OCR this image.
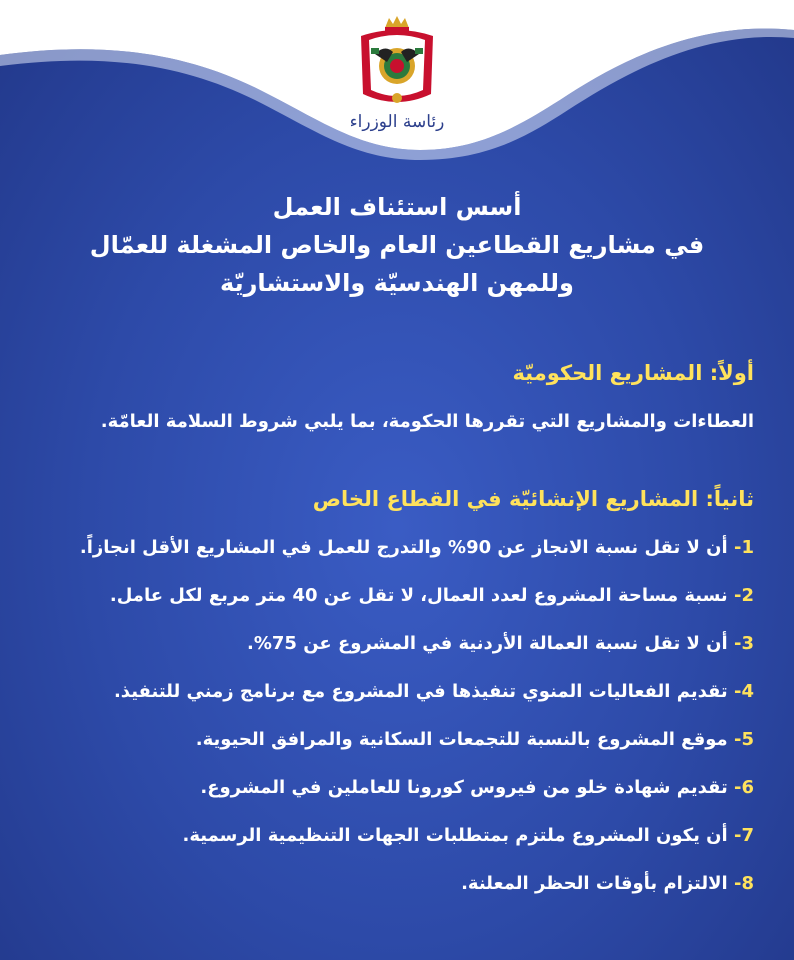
رئاسة الوزراء
أسس استئناف العمل
في مشاريع القطاعين العام والخاص المشغلة للعمّال
وللمهن الهندسيّة والاستشاريّة
أولاً: المشاريع الحكوميّة
العطاءات والمشاريع التي تقررها الحكومة، بما يلبي شروط السلامة العامّة.
ثانياً: المشاريع الإنشائيّة في القطاع الخاص
1- أن لا تقل نسبة الانجاز عن 90% والتدرج للعمل في المشاريع الأقل انجازاً.
2- نسبة مساحة المشروع لعدد العمال، لا تقل عن 40 متر مربع لكل عامل.
3- أن لا تقل نسبة العمالة الأردنية في المشروع عن 75%.
4- تقديم الفعاليات المنوي تنفيذها في المشروع مع برنامج زمني للتنفيذ.
5- موقع المشروع بالنسبة للتجمعات السكانية والمرافق الحيوية.
6- تقديم شهادة خلو من فيروس كورونا للعاملين في المشروع.
7- أن يكون المشروع ملتزم بمتطلبات الجهات التنظيمية الرسمية.
8- الالتزام بأوقات الحظر المعلنة.
